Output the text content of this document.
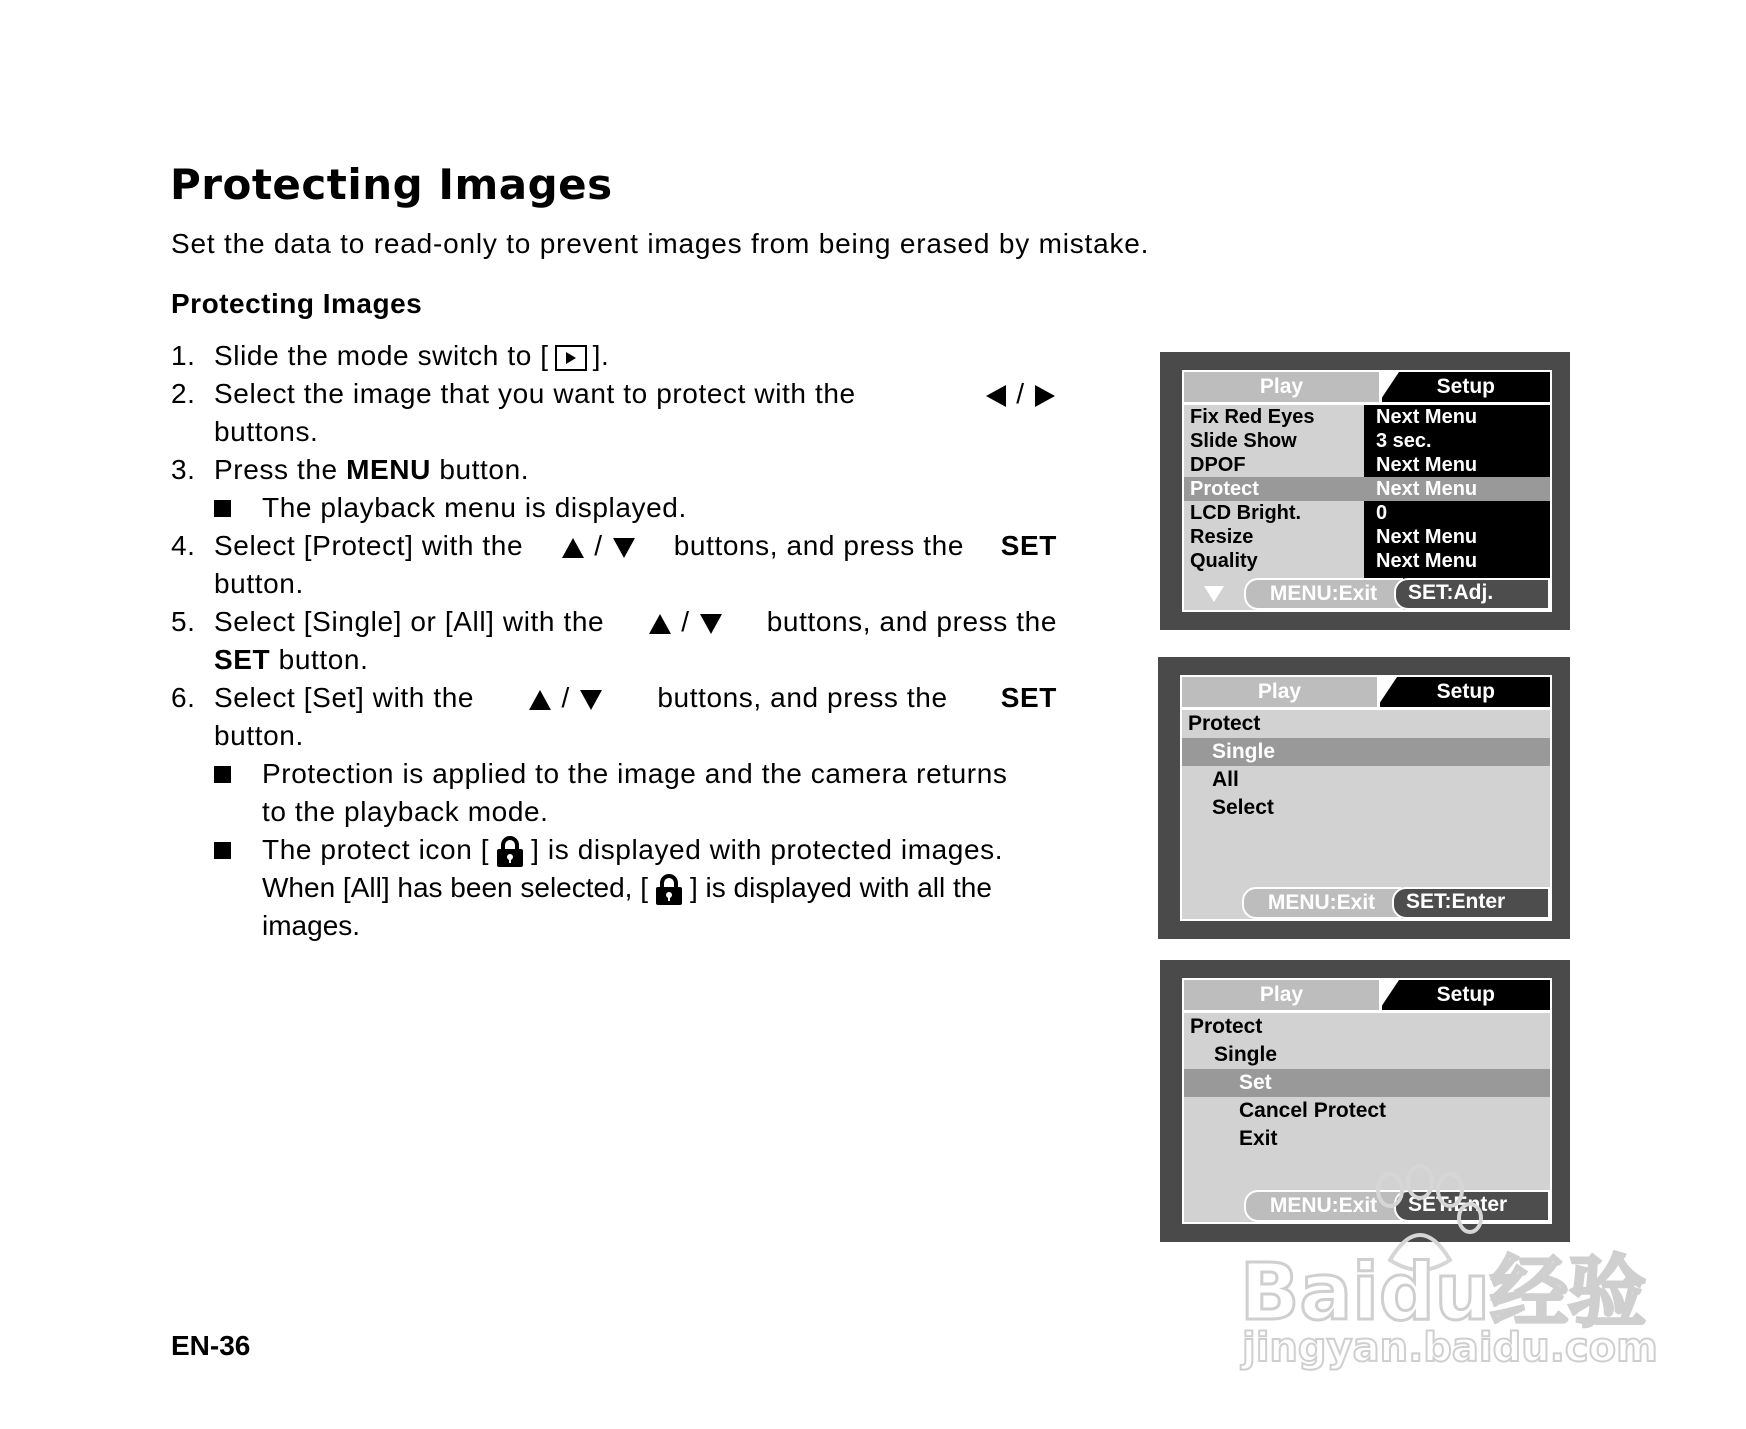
Protecting Images
Set the data to read-only to prevent images from being erased by mistake.
Protecting Images
1. Slide the mode switch to [ ].
2. Select the image that you want to protect with the	/
buttons.
3. Press the MENU button.
The playback menu is displayed.
4. Select [Protect] with the	/	buttons, and press the SET
button.
5. Select [Single] or [All] with the	/	buttons, and press the
SET button.
6. Select [Set] with the	/	buttons, and press the SET
button.
Protection is applied to the image and the camera returns
to the playback mode.
The protect icon [ ] is displayed with protected images.
When [All] has been selected, [ ] is displayed with all the
images.
Play	Setup
Fix Red Eyes	Next Menu
Slide Show	3 sec.
DPOF	Next Menu
Protect	Next Menu
LCD Bright.	0
Resize	Next Menu
Quality	Next Menu
MENU:Exit	SET:Adj.
Play	Setup
Protect
Single
All
Select
MENU:Exit	SET:Enter
Play	Setup
Protect
Single
Set
Cancel Protect
Exit
MENU:Exit	SET:Enter
EN-36
Baidu经验
jingyan.baidu.com
